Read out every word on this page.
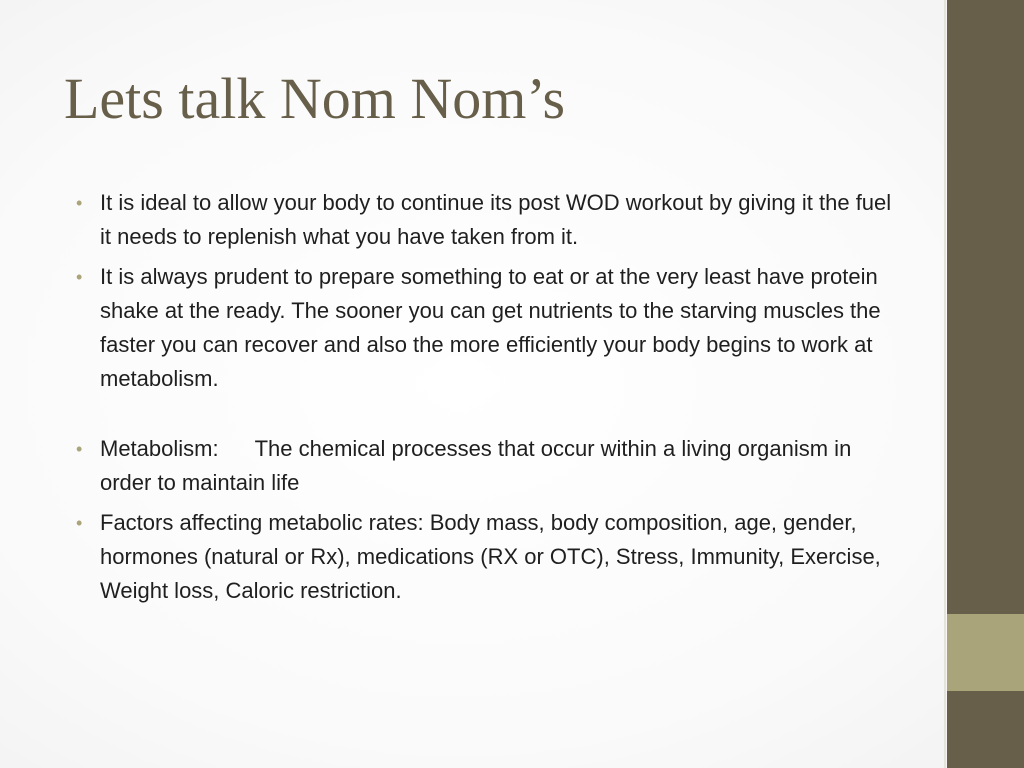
Lets talk Nom Nom’s
• It is ideal to allow your body to continue its post WOD workout by giving it the fuel it needs to replenish what you have taken from it.
• It is always prudent to prepare something to eat or at the very least have protein shake at the ready. The sooner you can get nutrients to the starving muscles the faster you can recover and also the more efficiently your body begins to work at metabolism.
• Metabolism: The chemical processes that occur within a living organism in order to maintain life
• Factors affecting metabolic rates: Body mass, body composition, age, gender, hormones (natural or Rx), medications (RX or OTC), Stress, Immunity, Exercise, Weight loss, Caloric restriction.
